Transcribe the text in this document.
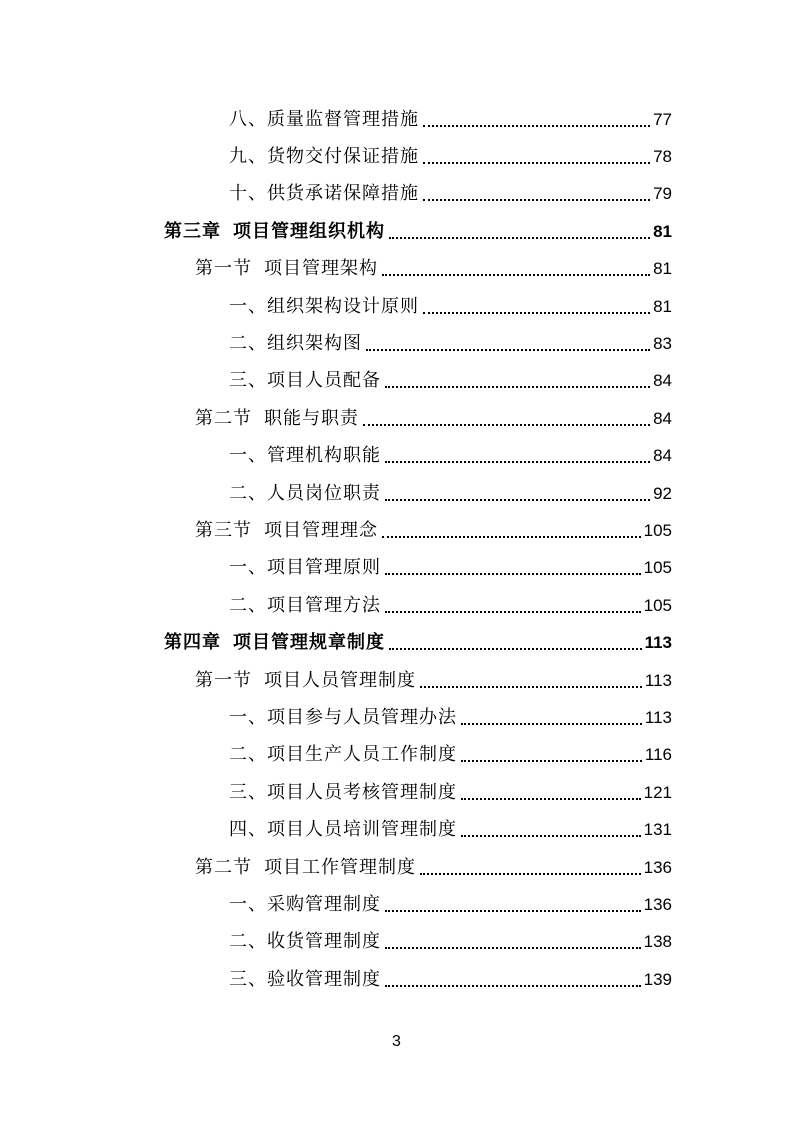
八、质量监督管理措施	77
九、货物交付保证措施	78
十、供货承诺保障措施	79
第三章 项目管理组织机构	81
第一节 项目管理架构	81
一、组织架构设计原则	81
二、组织架构图	83
三、项目人员配备	84
第二节 职能与职责	84
一、管理机构职能	84
二、人员岗位职责	92
第三节 项目管理理念	105
一、项目管理原则	105
二、项目管理方法	105
第四章 项目管理规章制度	113
第一节 项目人员管理制度	113
一、项目参与人员管理办法	113
二、项目生产人员工作制度	116
三、项目人员考核管理制度	121
四、项目人员培训管理制度	131
第二节 项目工作管理制度	136
一、采购管理制度	136
二、收货管理制度	138
三、验收管理制度	139
3
